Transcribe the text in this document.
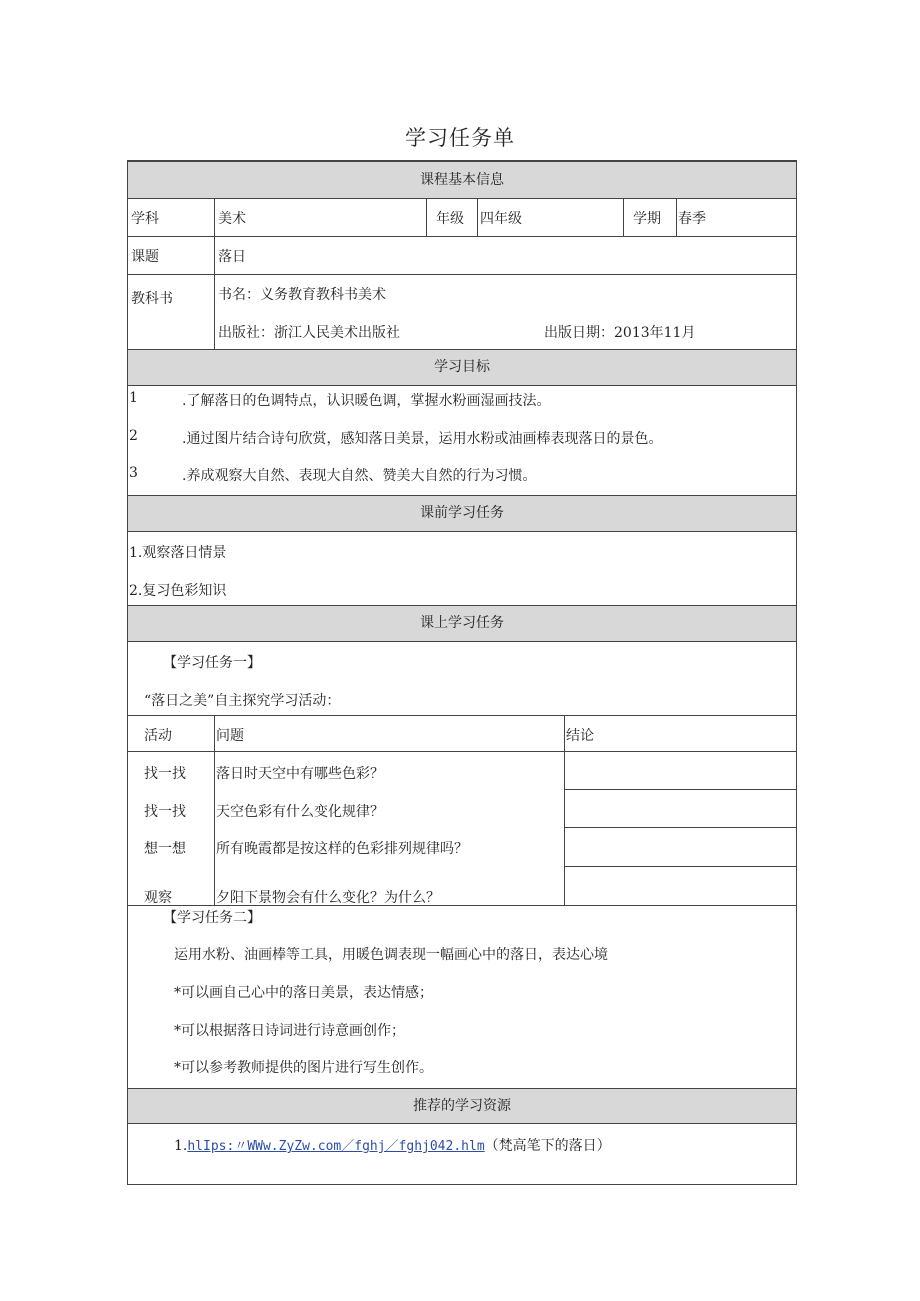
学习任务单
课程基本信息
学科	美术	年级 四年级	学期 春季
课题	落日
教科书	书名：义务教育教科书美术
出版社：浙江人民美术出版社	出版日期：2013年11月
学习目标
1	.了解落日的色调特点，认识暖色调，掌握水粉画湿画技法。
2	.通过图片结合诗句欣赏，感知落日美景，运用水粉或油画棒表现落日的景色。
3	.养成观察大自然、表现大自然、赞美大自然的行为习惯。
课前学习任务
1.观察落日情景
2.复习色彩知识
课上学习任务
【学习任务一】
“落日之美”自主探究学习活动：
活动	问题	结论
找一找 落日时天空中有哪些色彩？
找一找 天空色彩有什么变化规律？
想一想 所有晚霞都是按这样的色彩排列规律吗？
观察	夕阳下景物会有什么变化？为什么？
【学习任务二】
运用水粉、油画棒等工具，用暖色调表现一幅画心中的落日，表达心境
*可以画自己心中的落日美景，表达情感；
*可以根据落日诗词进行诗意画创作；
*可以参考教师提供的图片进行写生创作。
推荐的学习资源
1.hlIps:〃WWw.ZyZw.com／fghj／fghj042.hlm（梵高笔下的落日）
